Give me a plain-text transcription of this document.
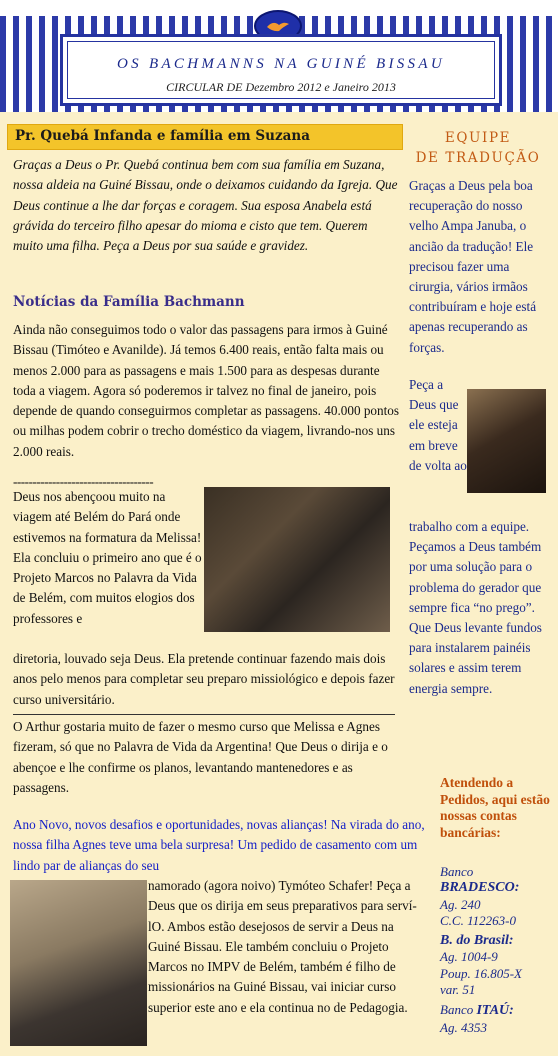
OS BACHMANNS NA GUINÉ BISSAU
CIRCULAR DE Dezembro 2012 e Janeiro 2013
Pr. Quebá Infanda e família em Suzana

Graças a Deus o Pr. Quebá continua bem com sua família em Suzana, nossa aldeia na Guiné Bissau, onde o deixamos cuidando da Igreja. Que Deus continue a lhe dar forças e coragem. Sua esposa Anabela está grávida do terceiro filho apesar do mioma e cisto que tem. Querem muito uma filha. Peça a Deus por sua saúde e gravidez.

Notícias da Família Bachmann

Ainda não conseguimos todo o valor das passagens para irmos à Guiné Bissau (Timóteo e Avanilde). Já temos 6.400 reais, então falta mais ou menos 2.000 para as passagens e mais 1.500 para as despesas durante toda a viagem. Agora só poderemos ir talvez no final de janeiro, pois depende de quando conseguirmos completar as passagens. 40.000 pontos ou milhas podem cobrir o trecho doméstico da viagem, livrando-nos uns 2.000 reais.

------------------------------------

Deus nos abençoou muito na viagem até Belém do Pará onde estivemos na formatura da Melissa! Ela concluiu o primeiro ano que é o Projeto Marcos no Palavra da Vida de Belém, com muitos elogios dos professores e

diretoria, louvado seja Deus. Ela pretende continuar fazendo mais dois anos pelo menos para completar seu preparo missiológico e depois fazer curso universitário.

O Arthur gostaria muito de fazer o mesmo curso que Melissa e Agnes fizeram, só que no Palavra de Vida da Argentina! Que Deus o dirija e o abençoe e lhe confirme os planos, levantando mantenedores e as passagens.

Ano Novo, novos desafios e oportunidades, novas alianças! Na virada do ano, nossa filha Agnes teve uma bela surpresa! Um pedido de casamento com um lindo par de alianças do seu

namorado (agora noivo) Tymóteo Schafer! Peça a Deus que os dirija em seus preparativos para serví-lO. Ambos estão desejosos de servir a Deus na Guiné Bissau. Ele também concluiu o Projeto Marcos no IMPV de Belém, também é filho de missionários na Guiné Bissau, vai iniciar curso superior este ano e ela continua no de Pedagogia.

EQUIPE
DE TRADUÇÃO

Graças a Deus pela boa recuperação do nosso velho Ampa Januba, o ancião da tradução! Ele precisou fazer uma cirurgia, vários irmãos contribuíram e hoje está apenas recuperando as forças.

Peça a Deus que ele esteja em breve de volta ao

trabalho com a equipe. Peçamos a Deus também por uma solução para o problema do gerador que sempre fica “no prego”. Que Deus levante fundos para instalarem painéis solares e assim terem energia sempre.

Atendendo a Pedidos, aqui estão nossas contas bancárias:
Banco
BRADESCO:
Ag. 240
C.C. 112263-0
B. do Brasil:
Ag. 1004-9
Poup. 16.805-X
var. 51
Banco ITAÚ:
Ag. 4353
